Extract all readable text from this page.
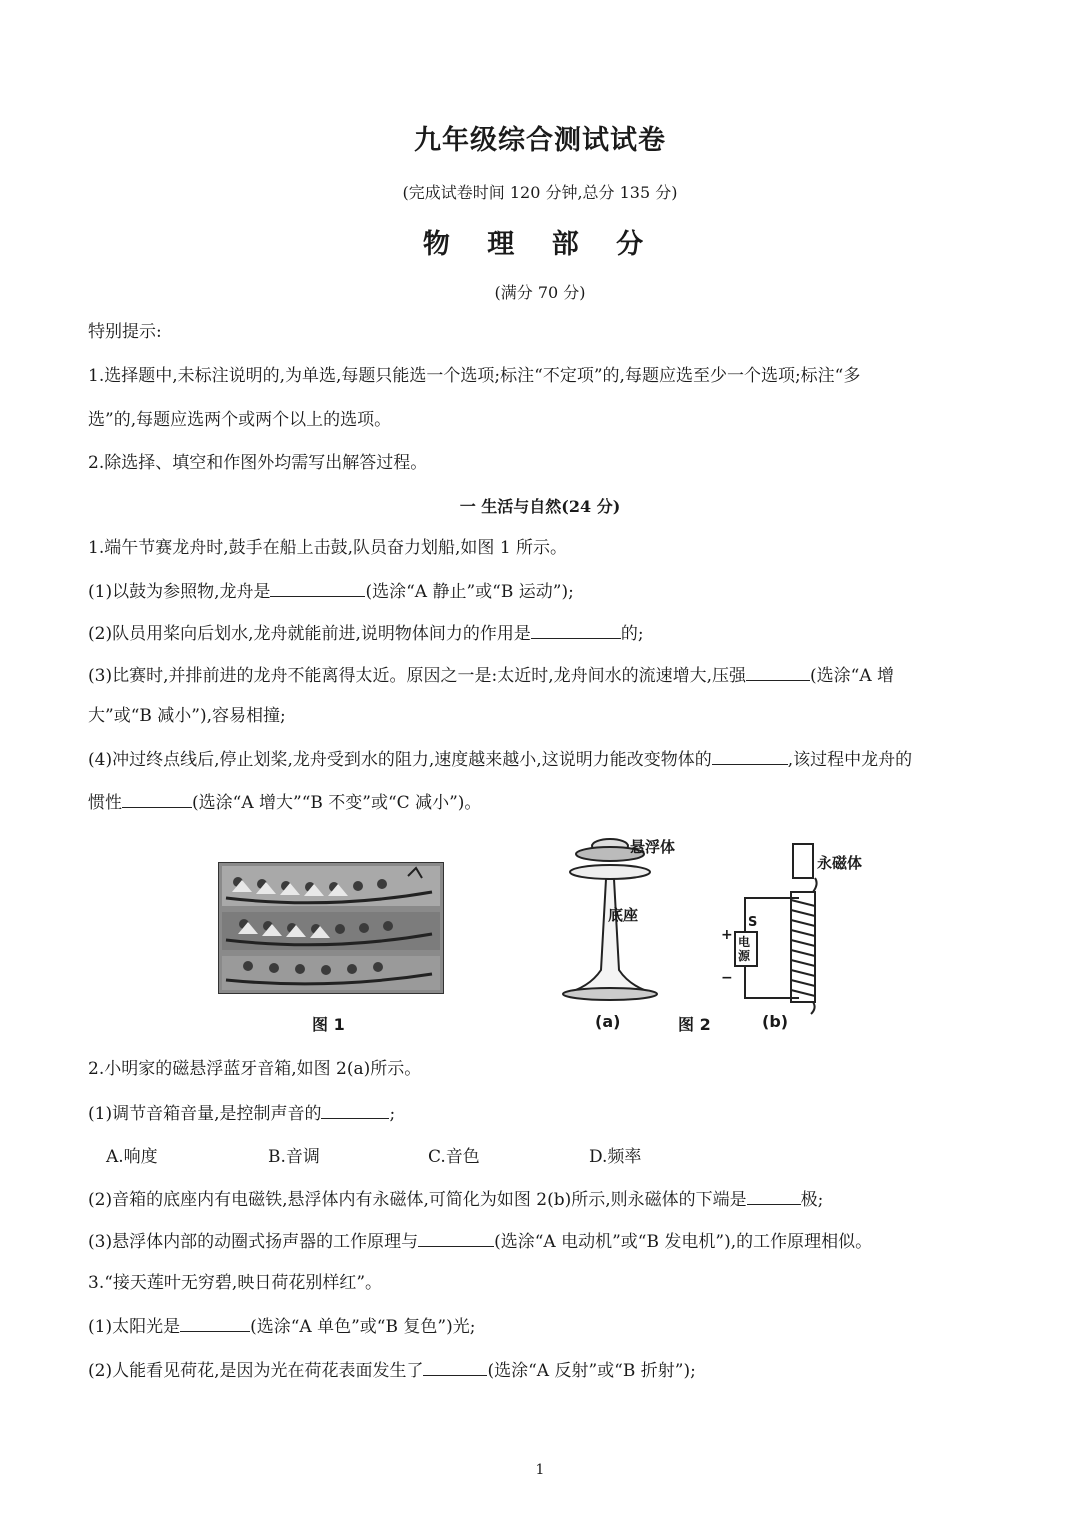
九年级综合测试试卷
(完成试卷时间 120 分钟,总分 135 分)
物 理 部 分
(满分 70 分)
特别提示:
1.选择题中,未标注说明的,为单选,每题只能选一个选项;标注“不定项”的,每题应选至少一个选项;标注“多
选”的,每题应选两个或两个以上的选项。
2.除选择、填空和作图外均需写出解答过程。
一 生活与自然(24 分)
1.端午节赛龙舟时,鼓手在船上击鼓,队员奋力划船,如图 1 所示。
(1)以鼓为参照物,龙舟是	(选涂“A 静止”或“B 运动”);
(2)队员用桨向后划水,龙舟就能前进,说明物体间力的作用是	的;
(3)比赛时,并排前进的龙舟不能离得太近。原因之一是:太近时,龙舟间水的流速增大,压强	(选涂“A 增
大”或“B 减小”),容易相撞;
(4)冲过终点线后,停止划桨,龙舟受到水的阻力,速度越来越小,这说明力能改变物体的	,该过程中龙舟的
惯性	(选涂“A 增大”“B 不变”或“C 减小”)。
图 1
悬浮体
底座
(a)	图 2
永磁体
S
电
源
+
−
(b)
2.小明家的磁悬浮蓝牙音箱,如图 2(a)所示。
(1)调节音箱音量,是控制声音的	;
A.响度	B.音调	C.音色	D.频率
(2)音箱的底座内有电磁铁,悬浮体内有永磁体,可简化为如图 2(b)所示,则永磁体的下端是	极;
(3)悬浮体内部的动圈式扬声器的工作原理与	(选涂“A 电动机”或“B 发电机”),的工作原理相似。
3.“接天莲叶无穷碧,映日荷花别样红”。
(1)太阳光是	(选涂“A 单色”或“B 复色”)光;
(2)人能看见荷花,是因为光在荷花表面发生了	(选涂“A 反射”或“B 折射”);
1
